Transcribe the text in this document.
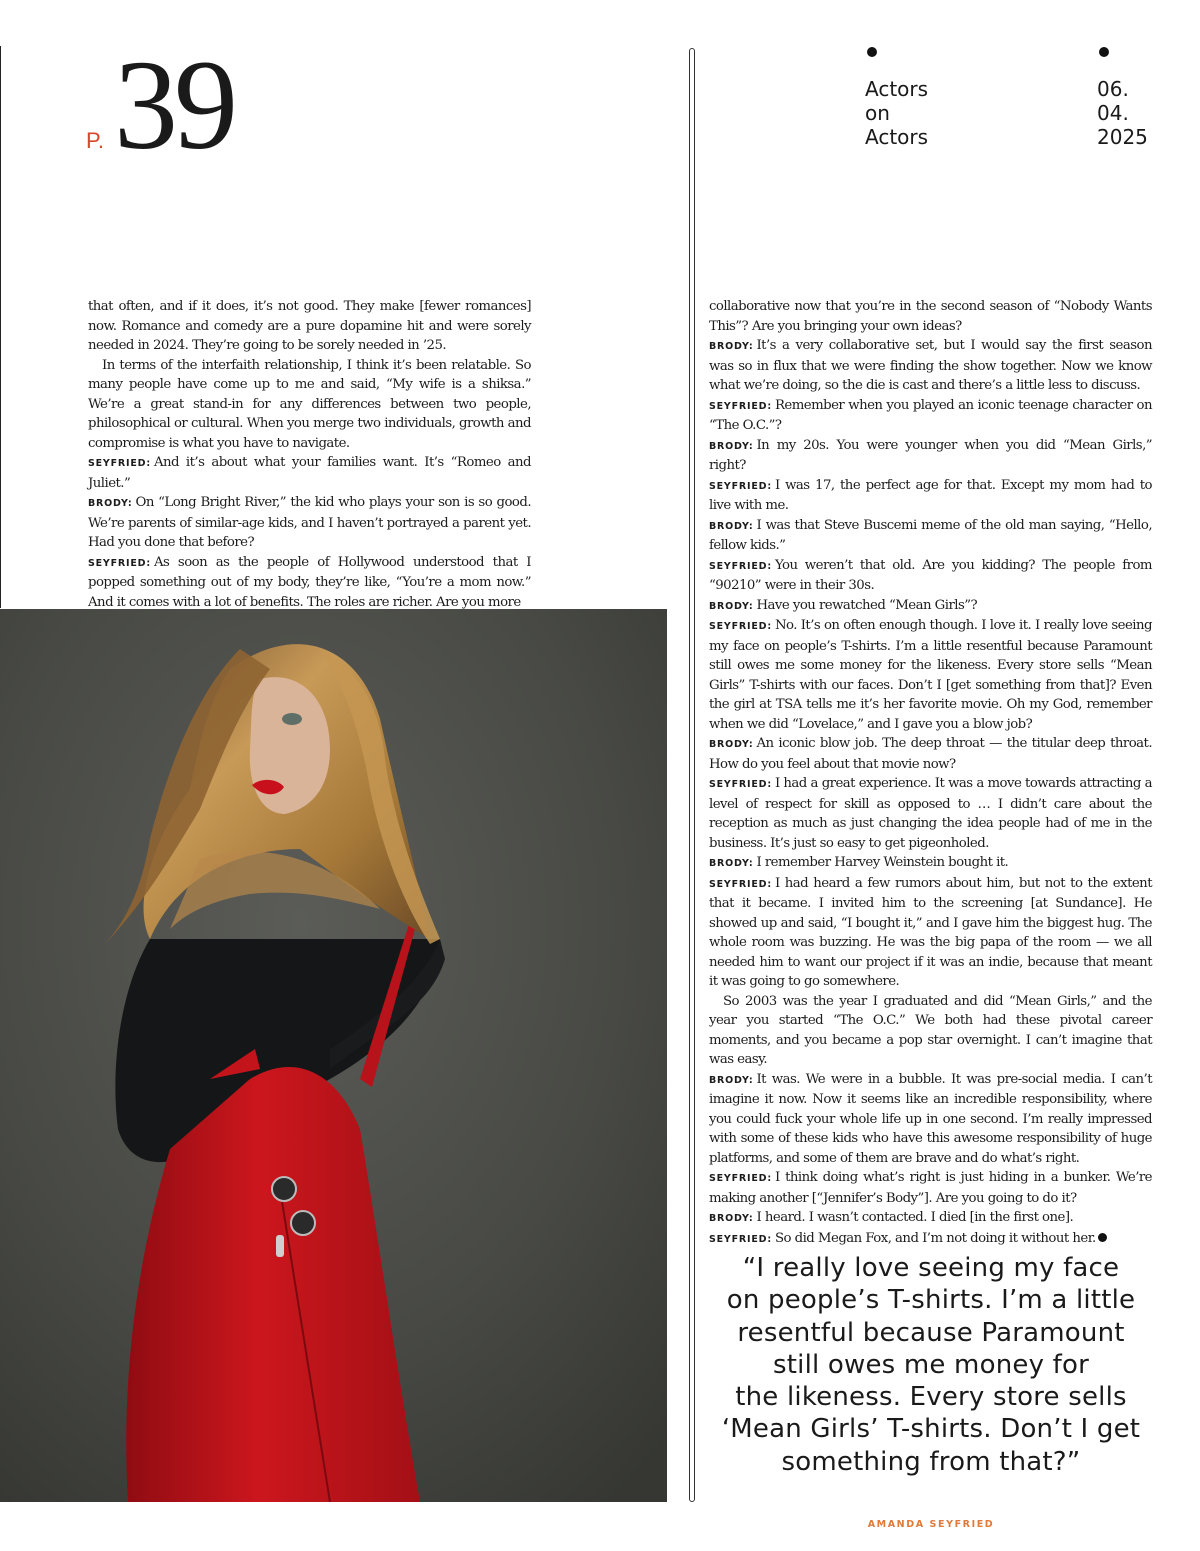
P. 39	Actors
on
Actors
06.
04.
2025

that often, and if it does, it’s not good. They make [fewer romances] now. Romance and comedy are a pure dopamine hit and were sorely needed in 2024. They’re going to be sorely needed in ’25.

In terms of the interfaith relationship, I think it’s been relatable. So many people have come up to me and said, “My wife is a shiksa.” We’re a great stand-in for any differences between two people, philosophical or cultural. When you merge two individuals, growth and compromise is what you have to navigate.

SEYFRIED: And it’s about what your families want. It’s “Romeo and Juliet.”

BRODY: On “Long Bright River,” the kid who plays your son is so good. We’re parents of similar-age kids, and I haven’t portrayed a parent yet. Had you done that before?

SEYFRIED: As soon as the people of Hollywood understood that I popped something out of my body, they’re like, “You’re a mom now.” And it comes with a lot of benefits. The roles are richer. Are you more

collaborative now that you’re in the second season of “Nobody Wants This”? Are you bringing your own ideas?

BRODY: It’s a very collaborative set, but I would say the first season was so in flux that we were finding the show together. Now we know what we’re doing, so the die is cast and there’s a little less to discuss.

SEYFRIED: Remember when you played an iconic teenage character on “The O.C.”?

BRODY: In my 20s. You were younger when you did “Mean Girls,” right?

SEYFRIED: I was 17, the perfect age for that. Except my mom had to live with me.

BRODY: I was that Steve Buscemi meme of the old man saying, “Hello, fellow kids.”

SEYFRIED: You weren’t that old. Are you kidding? The people from “90210” were in their 30s.

BRODY: Have you rewatched “Mean Girls”?

SEYFRIED: No. It’s on often enough though. I love it. I really love seeing my face on people’s T-shirts. I’m a little resentful because Paramount still owes me some money for the likeness. Every store sells “Mean Girls” T-shirts with our faces. Don’t I [get something from that]? Even the girl at TSA tells me it’s her favorite movie. Oh my God, remember when we did “Lovelace,” and I gave you a blow job?

BRODY: An iconic blow job. The deep throat — the titular deep throat. How do you feel about that movie now?

SEYFRIED: I had a great experience. It was a move towards attracting a level of respect for skill as opposed to … I didn’t care about the reception as much as just changing the idea people had of me in the business. It’s just so easy to get pigeonholed.

BRODY: I remember Harvey Weinstein bought it.

SEYFRIED: I had heard a few rumors about him, but not to the extent that it became. I invited him to the screening [at Sundance]. He showed up and said, “I bought it,” and I gave him the biggest hug. The whole room was buzzing. He was the big papa of the room — we all needed him to want our project if it was an indie, because that meant it was going to go somewhere.

So 2003 was the year I graduated and did “Mean Girls,” and the year you started “The O.C.” We both had these pivotal career moments, and you became a pop star overnight. I can’t imagine that was easy.

BRODY: It was. We were in a bubble. It was pre-social media. I can’t imagine it now. Now it seems like an incredible responsibility, where you could fuck your whole life up in one second. I’m really impressed with some of these kids who have this awesome responsibility of huge platforms, and some of them are brave and do what’s right.

SEYFRIED: I think doing what’s right is just hiding in a bunker. We’re making another [“Jennifer’s Body”]. Are you going to do it?

BRODY: I heard. I wasn’t contacted. I died [in the first one].

SEYFRIED: So did Megan Fox, and I’m not doing it without her.

“I really love seeing my face
on people’s T-shirts. I’m a little
resentful because Paramount
still owes me money for
the likeness. Every store sells
‘Mean Girls’ T-shirts. Don’t I get
something from that?”
AMANDA SEYFRIED
